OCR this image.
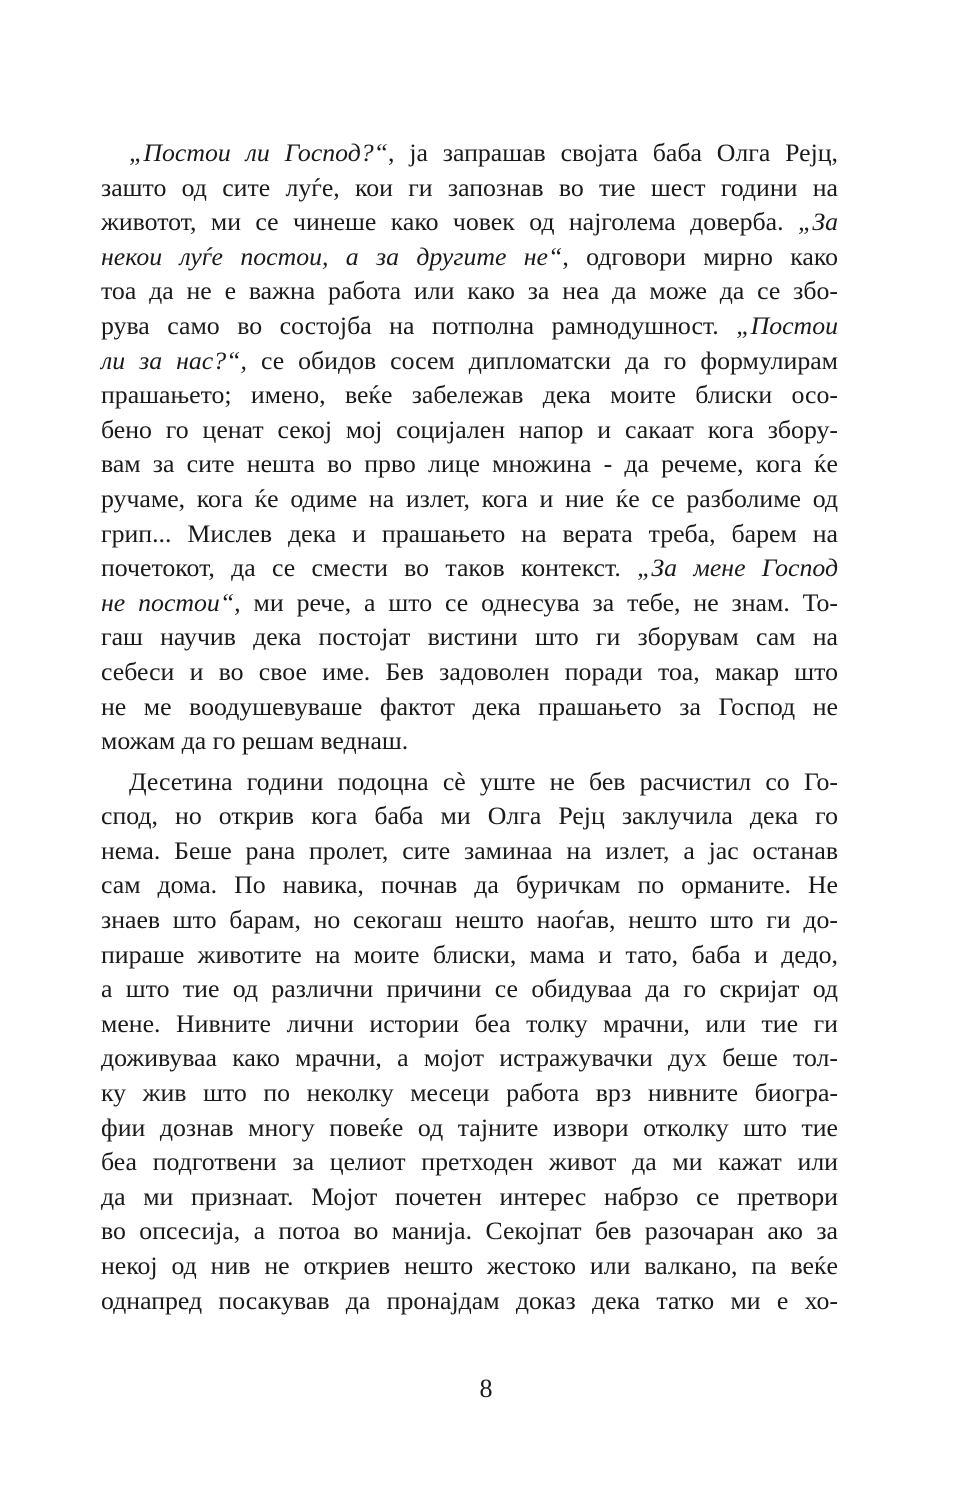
„Постои ли Господ?“, ја запрашав својата баба Олга Рејц,
зашто од сите луѓе, кои ги запознав во тие шест години на
животот, ми се чинеше како човек од најголема доверба. „За
некои луѓе постои, а за другите не“, одговори мирно како
тоа да не е важна работа или како за неа да може да се збо-
рува само во состојба на потполна рамнодушност. „Постои
ли за нас?“, се обидов сосем дипломатски да го формулирам
прашањето; имено, веќе забележав дека моите блиски осо-
бено го ценат секој мој социјален напор и сакаат кога збору-
вам за сите нешта во прво лице множина - да речеме, кога ќе
ручаме, кога ќе одиме на излет, кога и ние ќе се разболиме од
грип... Мислев дека и прашањето на верата треба, барем на
почетокот, да се смести во таков контекст. „За мене Господ
не постои“, ми рече, а што се однесува за тебе, не знам. То-
гаш научив дека постојат вистини што ги зборувам сам на
себеси и во свое име. Бев задоволен поради тоа, макар што
не ме воодушевуваше фактот дека прашањето за Господ не
можам да го решам веднаш.
Десетина години подоцна сè уште не бев расчистил со Го-
спод, но открив кога баба ми Олга Рејц заклучила дека го
нема. Беше рана пролет, сите заминаа на излет, а јас останав
сам дома. По навика, почнав да буричкам по орманите. Не
знаев што барам, но секогаш нешто наоѓав, нешто што ги до-
пираше животите на моите блиски, мама и тато, баба и дедо,
а што тие од различни причини се обидуваа да го скријат од
мене. Нивните лични истории беа толку мрачни, или тие ги
доживуваа како мрачни, а мојот истражувачки дух беше тол-
ку жив што по неколку месеци работа врз нивните биогра-
фии дознав многу повеќе од тајните извори отколку што тие
беа подготвени за целиот претходен живот да ми кажат или
да ми признаат. Мојот почетен интерес набрзо се претвори
во опсесија, а потоа во манија. Секојпат бев разочаран ако за
некој од нив не откриев нешто жестоко или валкано, па веќе
однапред посакував да пронајдам доказ дека татко ми е хо-
8
